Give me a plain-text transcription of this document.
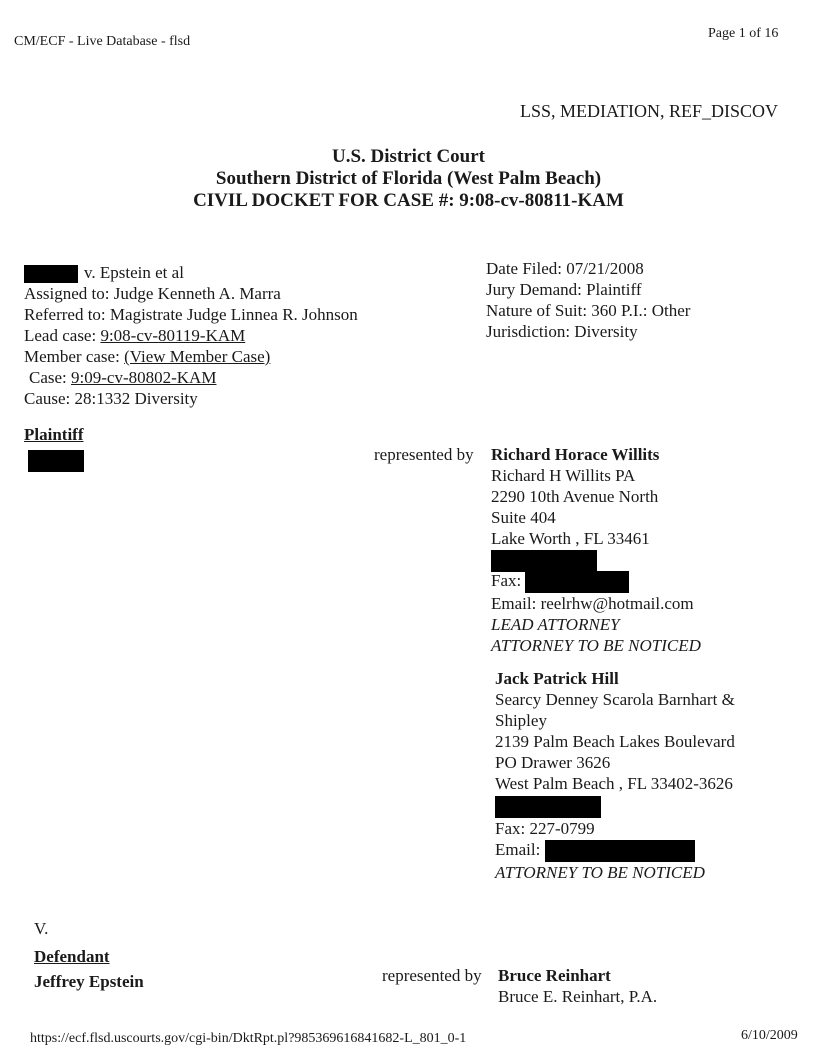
CM/ECF - Live Database - flsd
Page 1 of 16
LSS, MEDIATION, REF_DISCOV
U.S. District Court
Southern District of Florida (West Palm Beach)
CIVIL DOCKET FOR CASE #: 9:08-cv-80811-KAM
v. Epstein et al
Assigned to: Judge Kenneth A. Marra
Referred to: Magistrate Judge Linnea R. Johnson
Lead case: 9:08-cv-80119-KAM
Member case: (View Member Case)
Case: 9:09-cv-80802-KAM
Cause: 28:1332 Diversity
Date Filed: 07/21/2008
Jury Demand: Plaintiff
Nature of Suit: 360 P.I.: Other
Jurisdiction: Diversity
Plaintiff
represented by Richard Horace Willits
Richard H Willits PA
2290 10th Avenue North
Suite 404
Lake Worth , FL 33461
Fax:
Email: reelrhw@hotmail.com
LEAD ATTORNEY
ATTORNEY TO BE NOTICED
Jack Patrick Hill
Searcy Denney Scarola Barnhart &
Shipley
2139 Palm Beach Lakes Boulevard
PO Drawer 3626
West Palm Beach , FL 33402-3626
Fax: 227-0799
Email:
ATTORNEY TO BE NOTICED
V.
Defendant
Jeffrey Epstein	represented by Bruce Reinhart
Bruce E. Reinhart, P.A.
https://ecf.flsd.uscourts.gov/cgi-bin/DktRpt.pl?985369616841682-L_801_0-1	6/10/2009
